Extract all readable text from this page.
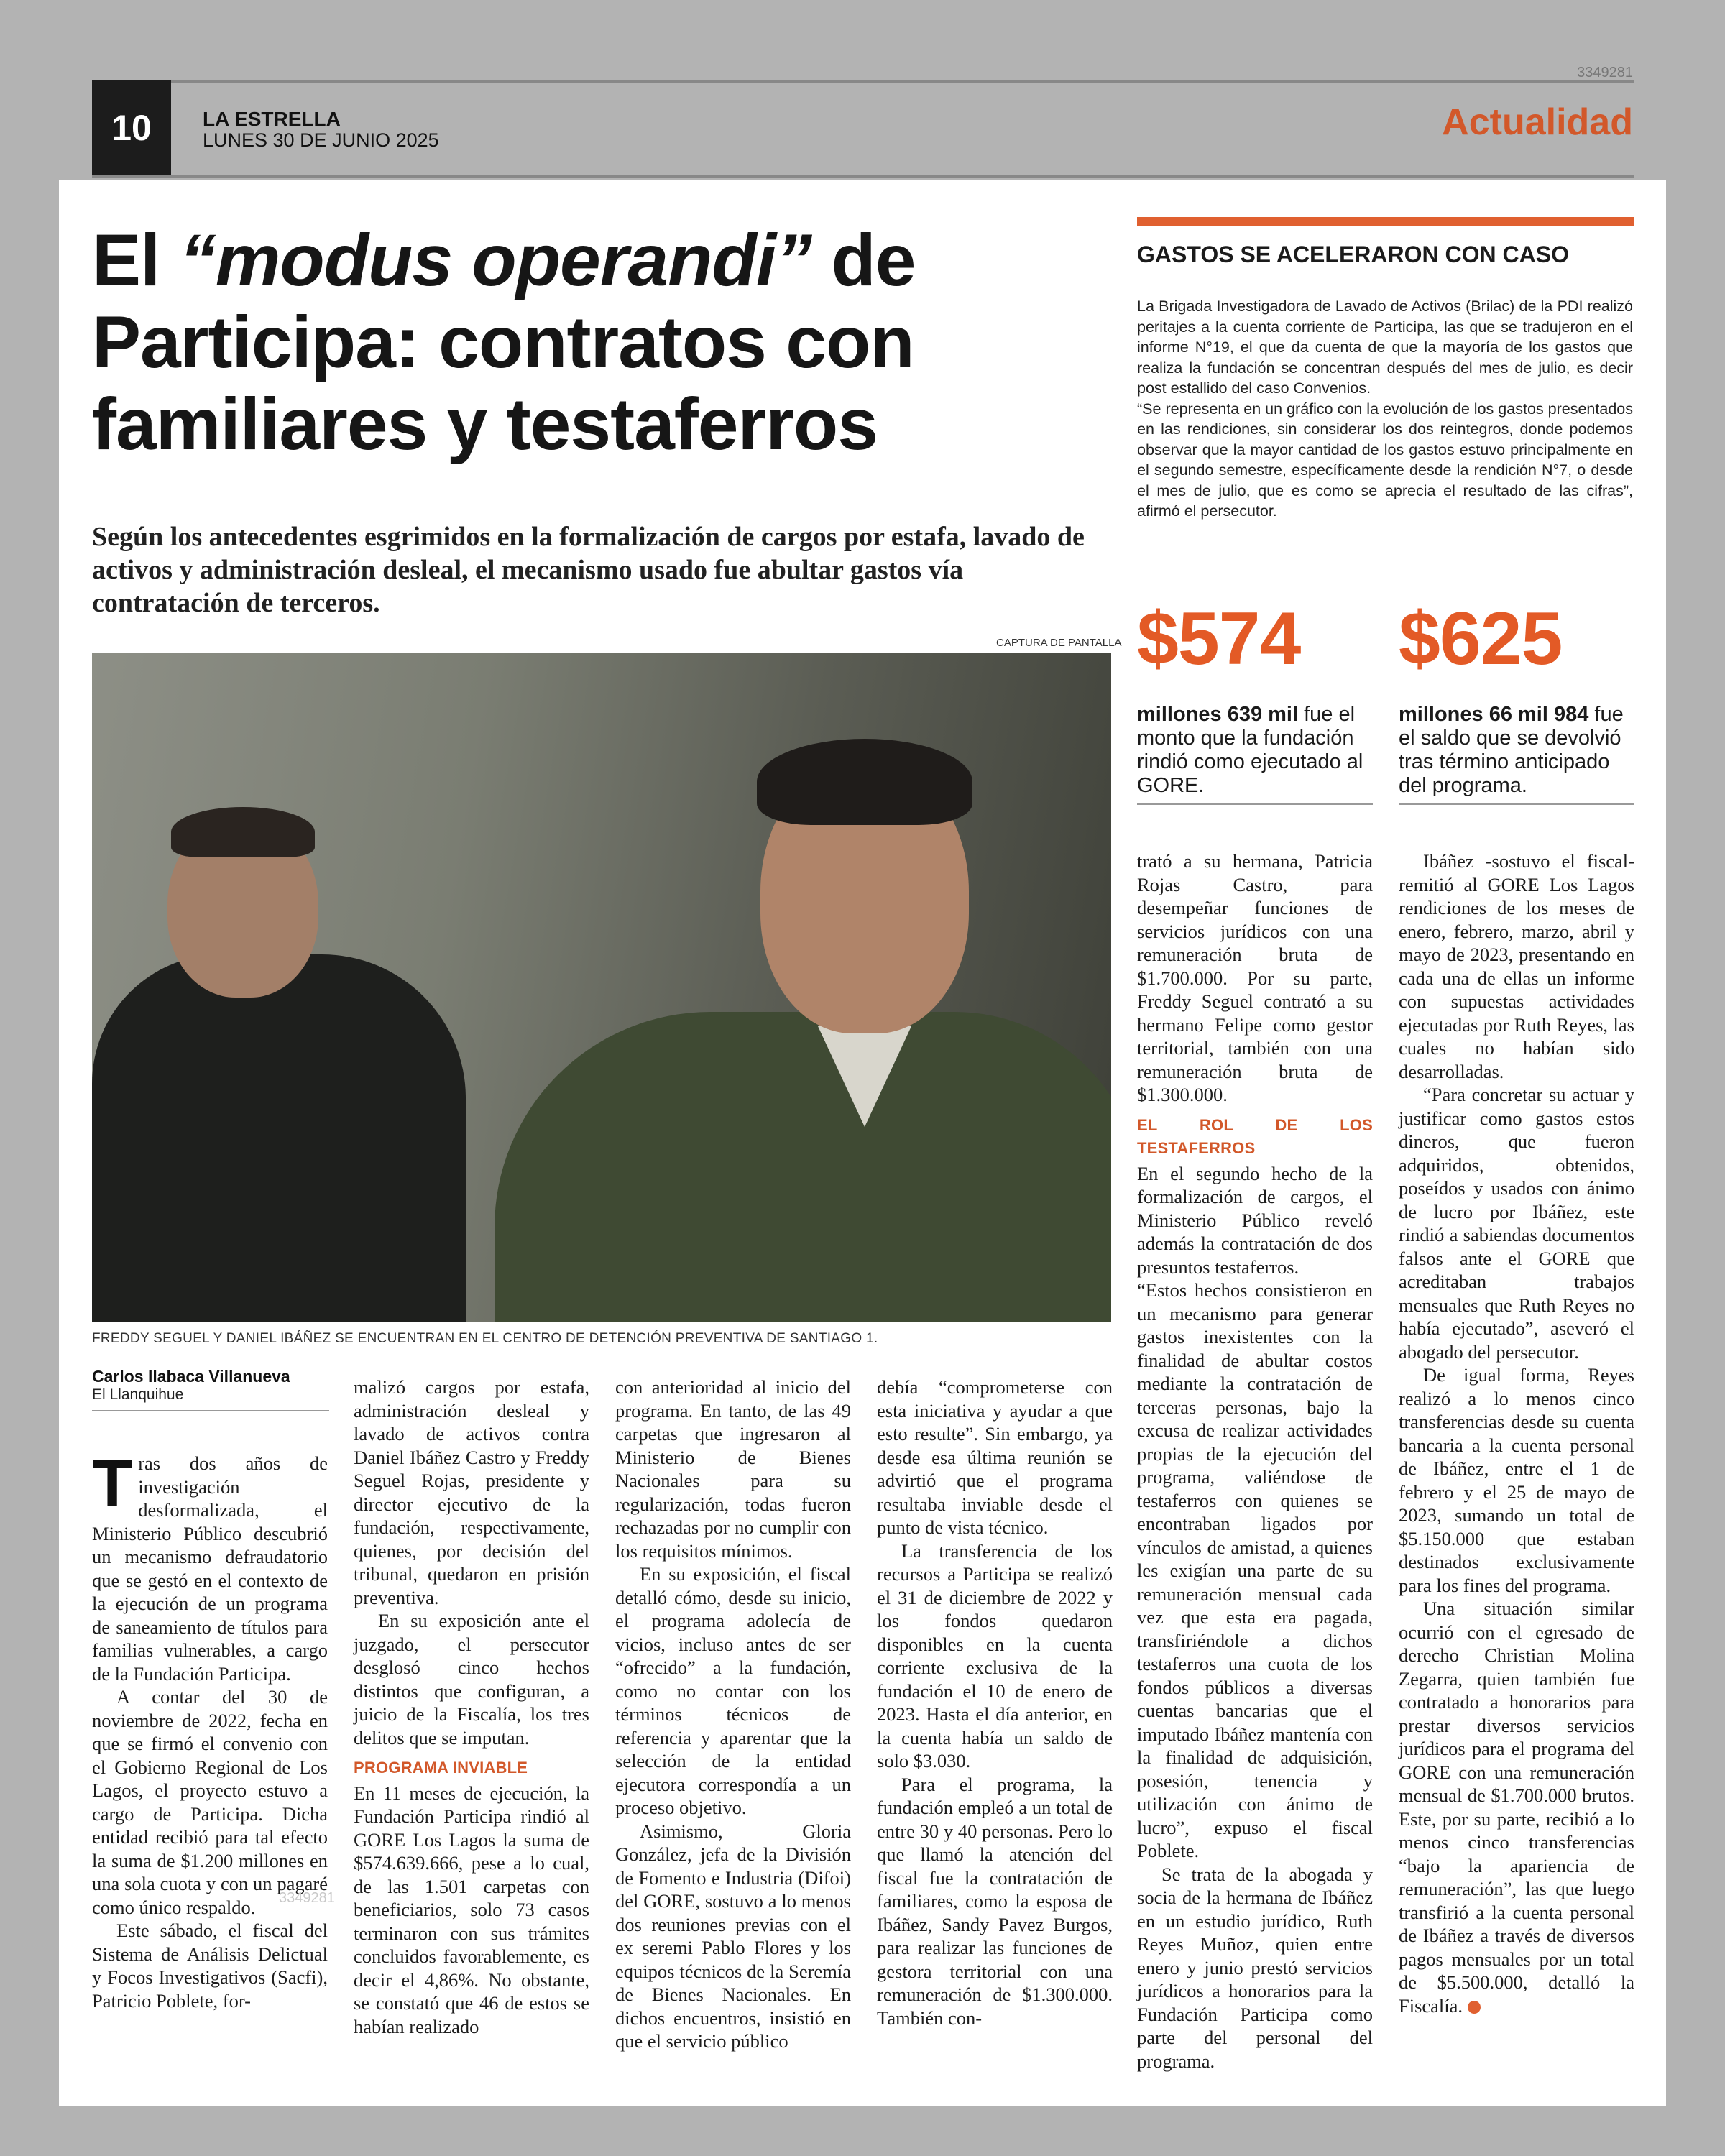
3349281
10	LA ESTRELLA
LUNES 30 DE JUNIO 2025	Actualidad
El “modus operandi” de Participa: contratos con familiares y testaferros
Según los antecedentes esgrimidos en la formalización de cargos por estafa, lavado de activos y administración desleal, el mecanismo usado fue abultar gastos vía contratación de terceros.
CAPTURA DE PANTALLA
FREDDY SEGUEL Y DANIEL IBÁÑEZ SE ENCUENTRAN EN EL CENTRO DE DETENCIÓN PREVENTIVA DE SANTIAGO 1.
Carlos Ilabaca Villanueva
El Llanquihue

Tras dos años de investigación desformalizada, el Ministerio Público descubrió un mecanismo defraudatorio que se gestó en el contexto de la ejecución de un programa de saneamiento de títulos para familias vulnerables, a cargo de la Fundación Participa.

A contar del 30 de noviembre de 2022, fecha en que se firmó el convenio con el Gobierno Regional de Los Lagos, el proyecto estuvo a cargo de Participa. Dicha entidad recibió para tal efecto la suma de $1.200 millones en una sola cuota y con un pagaré como único respaldo.

Este sábado, el fiscal del Sistema de Análisis Delictual y Focos Investigativos (Sacfi), Patricio Poblete, for-

malizó cargos por estafa, administración desleal y lavado de activos contra Daniel Ibáñez Castro y Freddy Seguel Rojas, presidente y director ejecutivo de la fundación, respectivamente, quienes, por decisión del tribunal, quedaron en prisión preventiva.

En su exposición ante el juzgado, el persecutor desglosó cinco hechos distintos que configuran, a juicio de la Fiscalía, los tres delitos que se imputan.

PROGRAMA INVIABLE

En 11 meses de ejecución, la Fundación Participa rindió al GORE Los Lagos la suma de $574.639.666, pese a lo cual, de las 1.501 carpetas con beneficiarios, solo 73 casos terminaron con sus trámites concluidos favorablemente, es decir el 4,86%. No obstante, se constató que 46 de estos se habían realizado

con anterioridad al inicio del programa. En tanto, de las 49 carpetas que ingresaron al Ministerio de Bienes Nacionales para su regularización, todas fueron rechazadas por no cumplir con los requisitos mínimos.

En su exposición, el fiscal detalló cómo, desde su inicio, el programa adolecía de vicios, incluso antes de ser “ofrecido” a la fundación, como no contar con los términos técnicos de referencia y aparentar que la selección de la entidad ejecutora correspondía a un proceso objetivo.

Asimismo, Gloria González, jefa de la División de Fomento e Industria (Difoi) del GORE, sostuvo a lo menos dos reuniones previas con el ex seremi Pablo Flores y los equipos técnicos de la Seremía de Bienes Nacionales. En dichos encuentros, insistió en que el servicio público

debía “comprometerse con esta iniciativa y ayudar a que esto resulte”. Sin embargo, ya desde esa última reunión se advirtió que el programa resultaba inviable desde el punto de vista técnico.

La transferencia de los recursos a Participa se realizó el 31 de diciembre de 2022 y los fondos quedaron disponibles en la cuenta corriente exclusiva de la fundación el 10 de enero de 2023. Hasta el día anterior, en la cuenta había un saldo de solo $3.030.

Para el programa, la fundación empleó a un total de entre 30 y 40 personas. Pero lo que llamó la atención del fiscal fue la contratación de familiares, como la esposa de Ibáñez, Sandy Pavez Burgos, para realizar las funciones de gestora territorial con una remuneración de $1.300.000. También con-

GASTOS SE ACELERARON CON CASO

La Brigada Investigadora de Lavado de Activos (Brilac) de la PDI realizó peritajes a la cuenta corriente de Participa, las que se tradujeron en el informe N°19, el que da cuenta de que la mayoría de los gastos que realiza la fundación se concentran después del mes de julio, es decir post estallido del caso Convenios.

“Se representa en un gráfico con la evolución de los gastos presentados en las rendiciones, sin considerar los dos reintegros, donde podemos observar que la mayor cantidad de los gastos estuvo principalmente en el segundo semestre, específicamente desde la rendición N°7, o desde el mes de julio, que es como se aprecia el resultado de las cifras”, afirmó el persecutor.

$574
millones 639 mil fue el monto que la fundación rindió como ejecutado al GORE.
$625
millones 66 mil 984 fue el saldo que se devolvió tras término anticipado del programa.

trató a su hermana, Patricia Rojas Castro, para desempeñar funciones de servicios jurídicos con una remuneración bruta de $1.700.000. Por su parte, Freddy Seguel contrató a su hermano Felipe como gestor territorial, también con una remuneración bruta de $1.300.000.

EL ROL DE LOS TESTAFERROS

En el segundo hecho de la formalización de cargos, el Ministerio Público reveló además la contratación de dos presuntos testaferros.

“Estos hechos consistieron en un mecanismo para generar gastos inexistentes con la finalidad de abultar costos mediante la contratación de terceras personas, bajo la excusa de realizar actividades propias de la ejecución del programa, valiéndose de testaferros con quienes se encontraban ligados por vínculos de amistad, a quienes les exigían una parte de su remuneración mensual cada vez que esta era pagada, transfiriéndole a dichos testaferros una cuota de los fondos públicos a diversas cuentas bancarias que el imputado Ibáñez mantenía con la finalidad de adquisición, posesión, tenencia y utilización con ánimo de lucro”, expuso el fiscal Poblete.

Se trata de la abogada y socia de la hermana de Ibáñez en un estudio jurídico, Ruth Reyes Muñoz, quien entre enero y junio prestó servicios jurídicos a honorarios para la Fundación Participa como parte del personal del programa.

Ibáñez -sostuvo el fiscal- remitió al GORE Los Lagos rendiciones de los meses de enero, febrero, marzo, abril y mayo de 2023, presentando en cada una de ellas un informe con supuestas actividades ejecutadas por Ruth Reyes, las cuales no habían sido desarrolladas.

“Para concretar su actuar y justificar como gastos estos dineros, que fueron adquiridos, obtenidos, poseídos y usados con ánimo de lucro por Ibáñez, este rindió a sabiendas documentos falsos ante el GORE que acreditaban trabajos mensuales que Ruth Reyes no había ejecutado”, aseveró el abogado del persecutor.

De igual forma, Reyes realizó a lo menos cinco transferencias desde su cuenta bancaria a la cuenta personal de Ibáñez, entre el 1 de febrero y el 25 de mayo de 2023, sumando un total de $5.150.000 que estaban destinados exclusivamente para los fines del programa.

Una situación similar ocurrió con el egresado de derecho Christian Molina Zegarra, quien también fue contratado a honorarios para prestar diversos servicios jurídicos para el programa del GORE con una remuneración mensual de $1.700.000 brutos. Este, por su parte, recibió a lo menos cinco transferencias “bajo la apariencia de remuneración”, las que luego transfirió a la cuenta personal de Ibáñez a través de diversos pagos mensuales por un total de $5.500.000, detalló la Fiscalía.

3349281
